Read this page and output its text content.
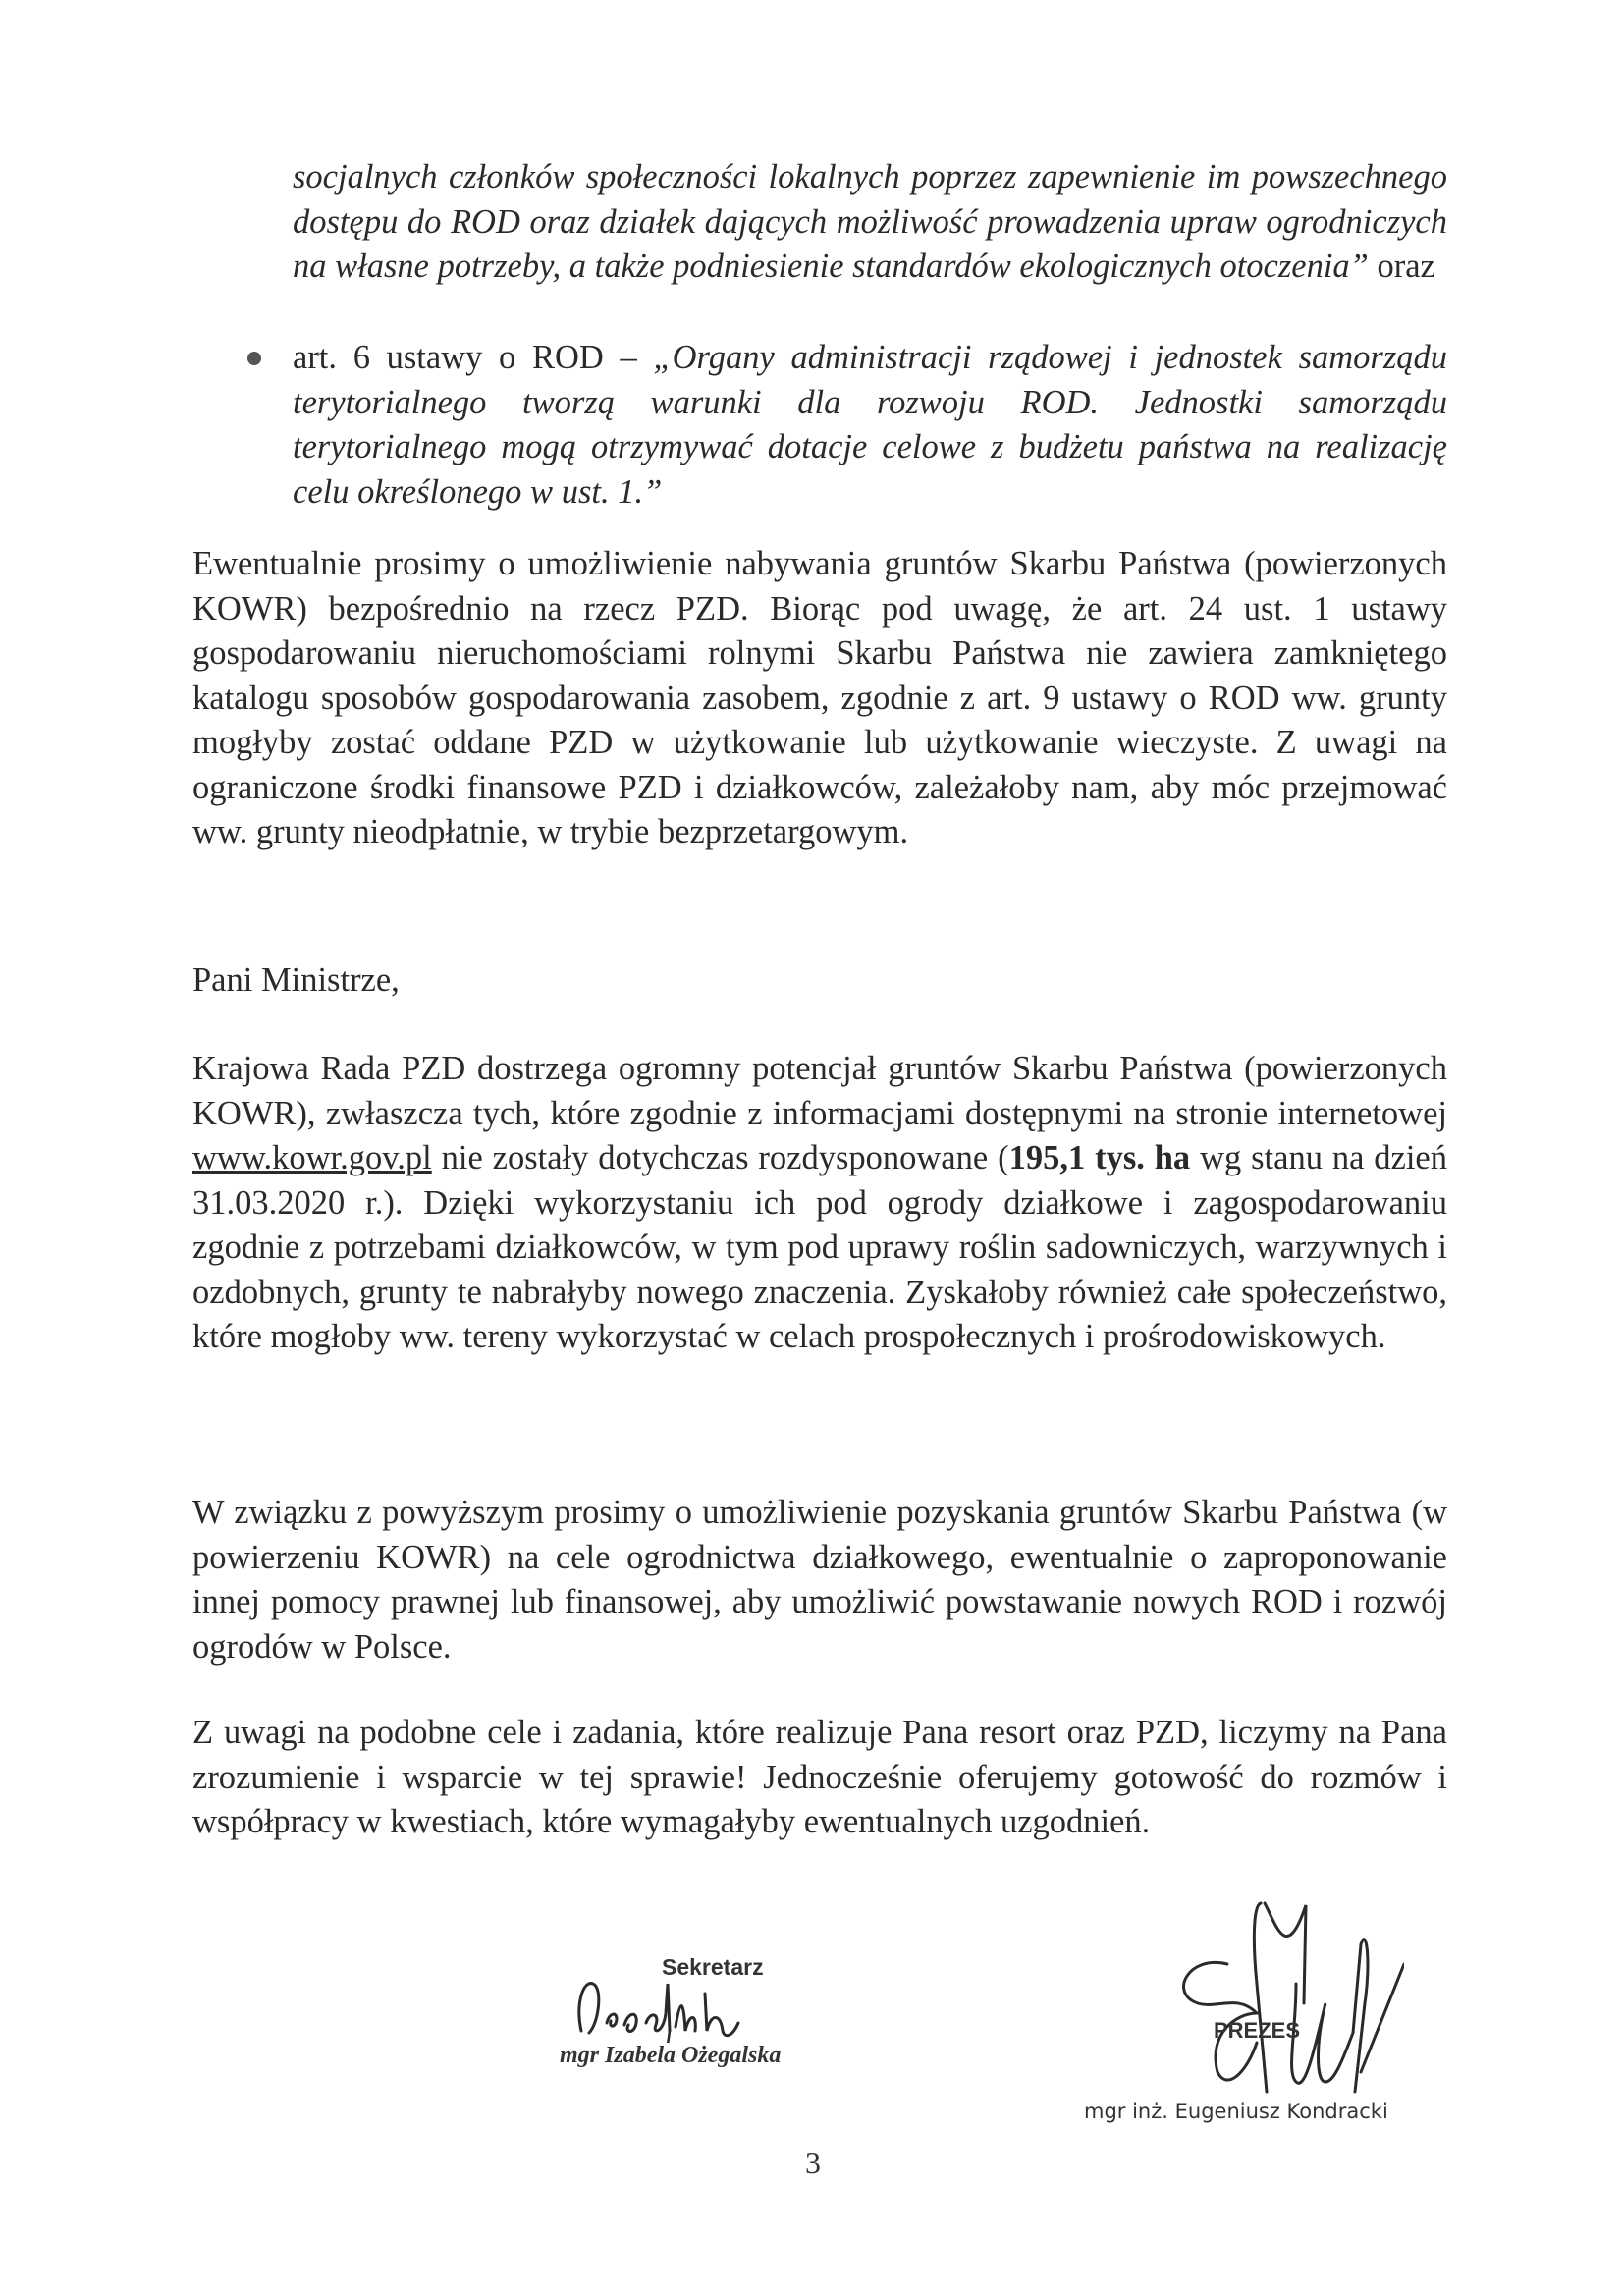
socjalnych członków społeczności lokalnych poprzez zapewnienie im powszechnego dostępu do ROD oraz działek dających możliwość prowadzenia upraw ogrodniczych na własne potrzeby, a także podniesienie standardów ekologicznych otoczenia” oraz
art. 6 ustawy o ROD – „Organy administracji rządowej i jednostek samorządu terytorialnego tworzą warunki dla rozwoju ROD. Jednostki samorządu terytorialnego mogą otrzymywać dotacje celowe z budżetu państwa na realizację celu określonego w ust. 1.”

Ewentualnie prosimy o umożliwienie nabywania gruntów Skarbu Państwa (powierzonych KOWR) bezpośrednio na rzecz PZD. Biorąc pod uwagę, że art. 24 ust. 1 ustawy gospodarowaniu nieruchomościami rolnymi Skarbu Państwa nie zawiera zamkniętego katalogu sposobów gospodarowania zasobem, zgodnie z art. 9 ustawy o ROD ww. grunty mogłyby zostać oddane PZD w użytkowanie lub użytkowanie wieczyste. Z uwagi na ograniczone środki finansowe PZD i działkowców, zależałoby nam, aby móc przejmować ww. grunty nieodpłatnie, w trybie bezprzetargowym.

Pani Ministrze,

Krajowa Rada PZD dostrzega ogromny potencjał gruntów Skarbu Państwa (powierzonych KOWR), zwłaszcza tych, które zgodnie z informacjami dostępnymi na stronie internetowej www.kowr.gov.pl nie zostały dotychczas rozdysponowane (195,1 tys. ha wg stanu na dzień 31.03.2020 r.). Dzięki wykorzystaniu ich pod ogrody działkowe i zagospodarowaniu zgodnie z potrzebami działkowców, w tym pod uprawy roślin sadowniczych, warzywnych i ozdobnych, grunty te nabrałyby nowego znaczenia. Zyskałoby również całe społeczeństwo, które mogłoby ww. tereny wykorzystać w celach prospołecznych i prośrodowiskowych.

W związku z powyższym prosimy o umożliwienie pozyskania gruntów Skarbu Państwa (w powierzeniu KOWR) na cele ogrodnictwa działkowego, ewentualnie o zaproponowanie innej pomocy prawnej lub finansowej, aby umożliwić powstawanie nowych ROD i rozwój ogrodów w Polsce.

Z uwagi na podobne cele i zadania, które realizuje Pana resort oraz PZD, liczymy na Pana zrozumienie i wsparcie w tej sprawie! Jednocześnie oferujemy gotowość do rozmów i współpracy w kwestiach, które wymagałyby ewentualnych uzgodnień.

Sekretarz
mgr Izabela Ożegalska
PREZES
mgr inż. Eugeniusz Kondracki
3
